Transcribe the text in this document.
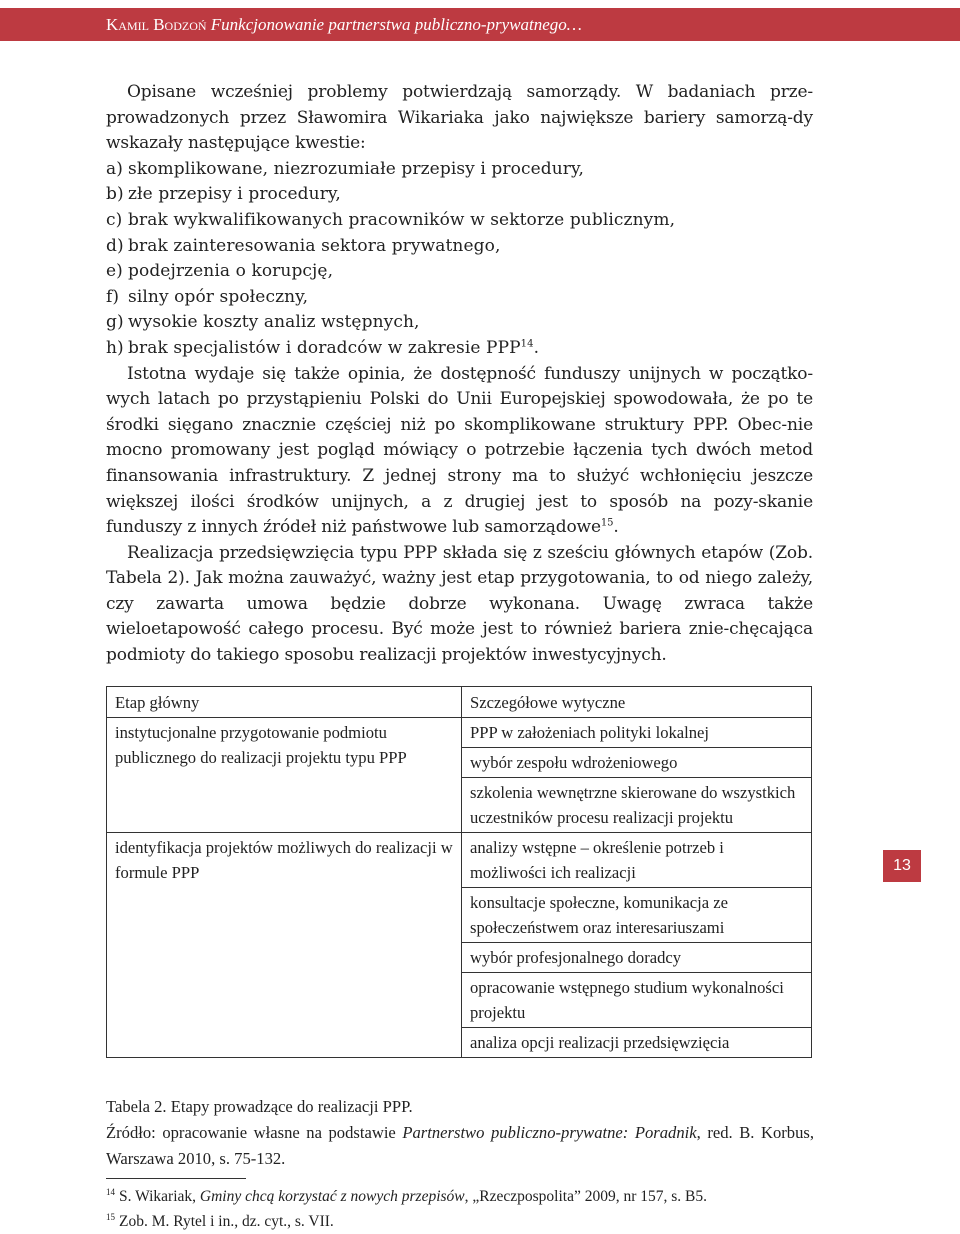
Kamil Bodzoń Funkcjonowanie partnerstwa publiczno-prywatnego…

Opisane wcześniej problemy potwierdzają samorządy. W badaniach prze-prowadzonych przez Sławomira Wikariaka jako największe bariery samorzą-dy wskazały następujące kwestie:

a) skomplikowane, niezrozumiałe przepisy i procedury,

b) złe przepisy i procedury,

c) brak wykwalifikowanych pracowników w sektorze publicznym,

d) brak zainteresowania sektora prywatnego,

e) podejrzenia o korupcję,

f) silny opór społeczny,

g) wysokie koszty analiz wstępnych,

h) brak specjalistów i doradców w zakresie PPP$^{14}$.

Istotna wydaje się także opinia, że dostępność funduszy unijnych w początko-wych latach po przystąpieniu Polski do Unii Europejskiej spowodowała, że po te środki sięgano znacznie częściej niż po skomplikowane struktury PPP. Obec-nie mocno promowany jest pogląd mówiący o potrzebie łączenia tych dwóch metod finansowania infrastruktury. Z jednej strony ma to służyć wchłonięciu jeszcze większej ilości środków unijnych, a z drugiej jest to sposób na pozy-skanie funduszy z innych źródeł niż państwowe lub samorządowe$^{15}$.

Realizacja przedsięwzięcia typu PPP składa się z sześciu głównych etapów (Zob. Tabela 2). Jak można zauważyć, ważny jest etap przygotowania, to od niego zależy, czy zawarta umowa będzie dobrze wykonana. Uwagę zwraca także wieloetapowość całego procesu. Być może jest to również bariera znie-chęcająca podmioty do takiego sposobu realizacji projektów inwestycyjnych.

Etap główny	Szczegółowe wytyczne
instytucjonalne przygotowanie podmiotu publicznego do realizacji projektu typu PPP	PPP w założeniach polityki lokalnej
	wybór zespołu wdrożeniowego
	szkolenia wewnętrzne skierowane do wszystkich uczestników procesu realizacji projektu
identyfikacja projektów możliwych do realizacji w formule PPP	analizy wstępne – określenie potrzeb i możliwości ich realizacji
	konsultacje społeczne, komunikacja ze społeczeństwem oraz interesariuszami
	wybór profesjonalnego doradcy
	opracowanie wstępnego studium wykonalności projektu
	analiza opcji realizacji przedsięwzięcia

Tabela 2. Etapy prowadzące do realizacji PPP.

Źródło: opracowanie własne na podstawie Partnerstwo publiczno-prywatne: Poradnik, red. B. Korbus, Warszawa 2010, s. 75-132.

$^{14}$ S. Wikariak, Gminy chcą korzystać z nowych przepisów, „Rzeczpospolita” 2009, nr 157, s. B5.

$^{15}$ Zob. M. Rytel i in., dz. cyt., s. VII.

13
